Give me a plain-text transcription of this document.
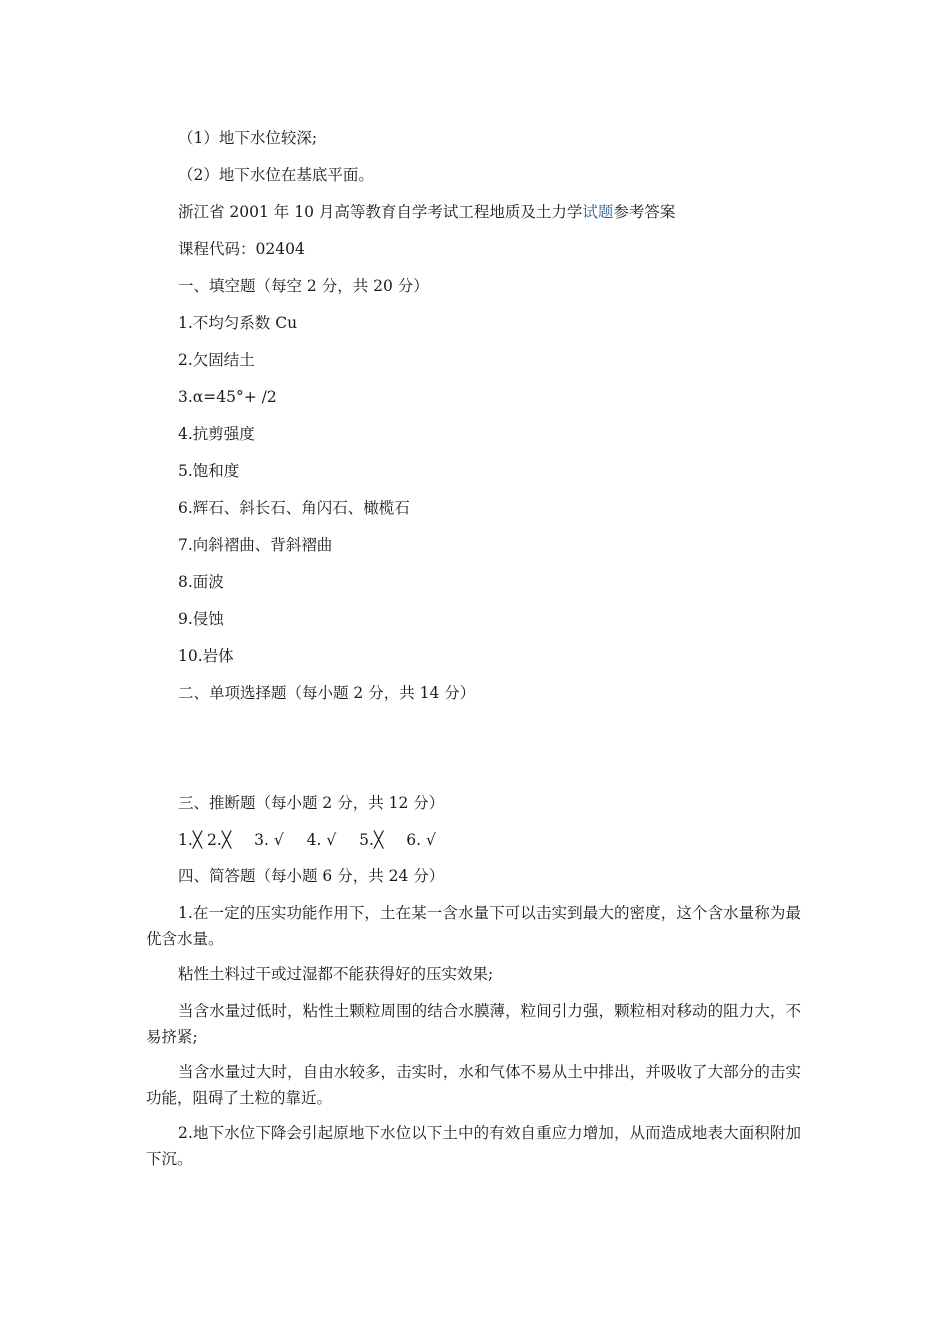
（1）地下水位较深;
（2）地下水位在基底平面。
浙江省 2001 年 10 月高等教育自学考试工程地质及土力学试题参考答案
课程代码：02404
一、填空题（每空 2 分，共 20 分）
1.不均匀系数 Cu
2.欠固结土
3.α=45°+ /2
4.抗剪强度
5.饱和度
6.辉石、斜长石、角闪石、橄榄石
7.向斜褶曲、背斜褶曲
8.面波
9.侵蚀
10.岩体
二、单项选择题（每小题 2 分，共 14 分）
三、推断题（每小题 2 分，共 12 分）
1.╳ 2.╳ 3. √ 4. √ 5.╳ 6. √
四、简答题（每小题 6 分，共 24 分）
1.在一定的压实功能作用下，土在某一含水量下可以击实到最大的密度，这个含水量称为最优含水量。
粘性土料过干或过湿都不能获得好的压实效果;
当含水量过低时，粘性土颗粒周围的结合水膜薄，粒间引力强，颗粒相对移动的阻力大，不易挤紧;
当含水量过大时，自由水较多，击实时，水和气体不易从土中排出，并吸收了大部分的击实功能，阻碍了土粒的靠近。
2.地下水位下降会引起原地下水位以下土中的有效自重应力增加，从而造成地表大面积附加下沉。
